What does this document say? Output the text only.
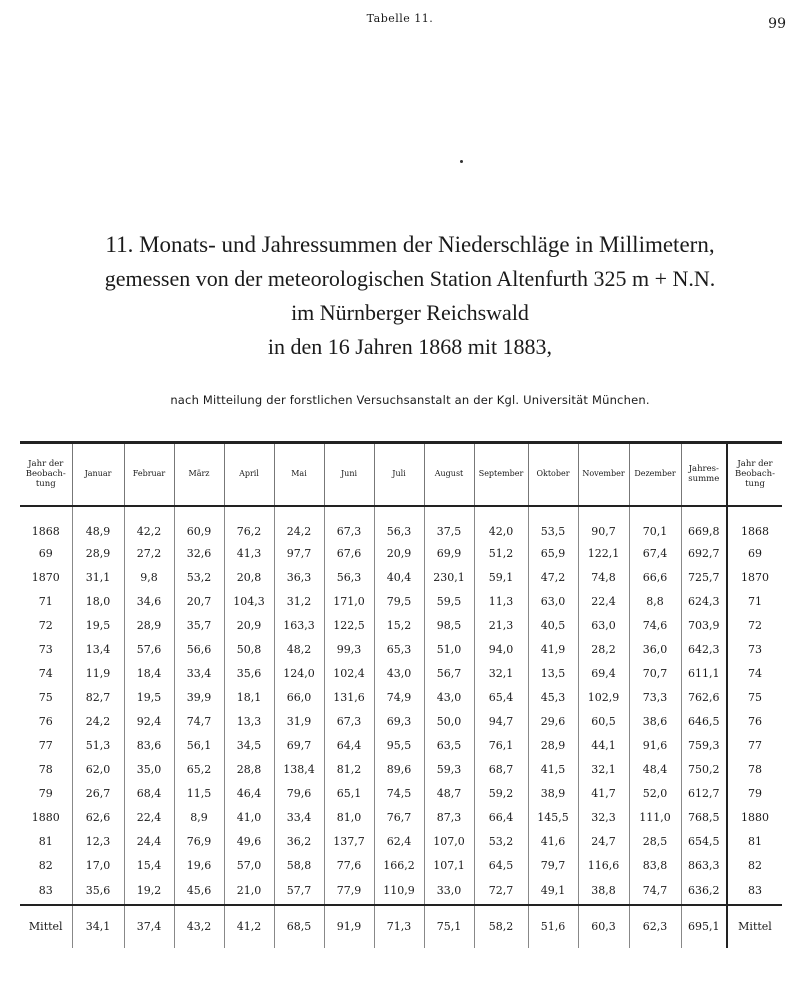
Tabelle 11.	99
11. Monats- und Jahressummen der Niederschläge in Millimetern,
gemessen von der meteorologischen Station Altenfurth 325 m + N.N.
im Nürnberger Reichswald
in den 16 Jahren 1868 mit 1883,
nach Mitteilung der forstlichen Versuchsanstalt an der Kgl. Universität München.
Jahr der Beobach-tung	Januar	Februar	März	April	Mai	Juni	Juli	August	September	Oktober	November	Dezember	Jahres-summe	Jahr der Beobach-tung

1868	48,9	42,2	60,9	76,2	24,2	67,3	56,3	37,5	42,0	53,5	90,7	70,1	669,8	1868
69	28,9	27,2	32,6	41,3	97,7	67,6	20,9	69,9	51,2	65,9	122,1	67,4	692,7	69
1870	31,1	9,8	53,2	20,8	36,3	56,3	40,4	230,1	59,1	47,2	74,8	66,6	725,7	1870
71	18,0	34,6	20,7	104,3	31,2	171,0	79,5	59,5	11,3	63,0	22,4	8,8	624,3	71
72	19,5	28,9	35,7	20,9	163,3	122,5	15,2	98,5	21,3	40,5	63,0	74,6	703,9	72
73	13,4	57,6	56,6	50,8	48,2	99,3	65,3	51,0	94,0	41,9	28,2	36,0	642,3	73
74	11,9	18,4	33,4	35,6	124,0	102,4	43,0	56,7	32,1	13,5	69,4	70,7	611,1	74
75	82,7	19,5	39,9	18,1	66,0	131,6	74,9	43,0	65,4	45,3	102,9	73,3	762,6	75
76	24,2	92,4	74,7	13,3	31,9	67,3	69,3	50,0	94,7	29,6	60,5	38,6	646,5	76
77	51,3	83,6	56,1	34,5	69,7	64,4	95,5	63,5	76,1	28,9	44,1	91,6	759,3	77
78	62,0	35,0	65,2	28,8	138,4	81,2	89,6	59,3	68,7	41,5	32,1	48,4	750,2	78
79	26,7	68,4	11,5	46,4	79,6	65,1	74,5	48,7	59,2	38,9	41,7	52,0	612,7	79
1880	62,6	22,4	8,9	41,0	33,4	81,0	76,7	87,3	66,4	145,5	32,3	111,0	768,5	1880
81	12,3	24,4	76,9	49,6	36,2	137,7	62,4	107,0	53,2	41,6	24,7	28,5	654,5	81
82	17,0	15,4	19,6	57,0	58,8	77,6	166,2	107,1	64,5	79,7	116,6	83,8	863,3	82
83	35,6	19,2	45,6	21,0	57,7	77,9	110,9	33,0	72,7	49,1	38,8	74,7	636,2	83
Mittel	34,1	37,4	43,2	41,2	68,5	91,9	71,3	75,1	58,2	51,6	60,3	62,3	695,1	Mittel
